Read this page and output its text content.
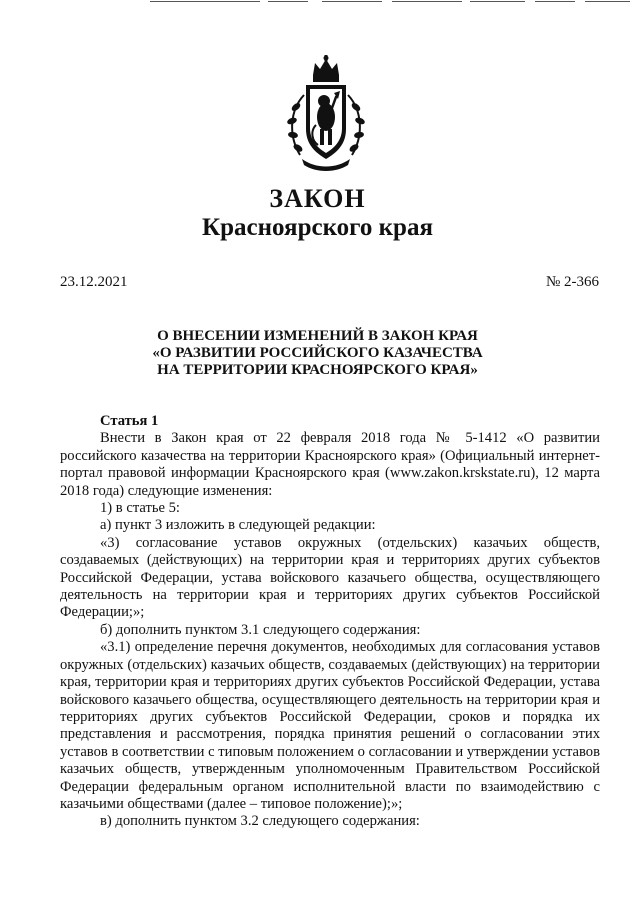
ЗАКОН
Красноярского края
23.12.2021	№ 2-366
О ВНЕСЕНИИ ИЗМЕНЕНИЙ В ЗАКОН КРАЯ
«О РАЗВИТИИ РОССИЙСКОГО КАЗАЧЕСТВА
НА ТЕРРИТОРИИ КРАСНОЯРСКОГО КРАЯ»

Статья 1

Внести в Закон края от 22 февраля 2018 года № 5-1412 «О развитии российского казачества на территории Красноярского края» (Официальный интернет-портал правовой информации Красноярского края (www.zakon.krskstate.ru), 12 марта 2018 года) следующие изменения:

1) в статье 5:

а) пункт 3 изложить в следующей редакции:

«3) согласование уставов окружных (отдельских) казачьих обществ, создаваемых (действующих) на территории края и территориях других субъектов Российской Федерации, устава войскового казачьего общества, осуществляющего деятельность на территории края и территориях других субъектов Российской Федерации;»;

б) дополнить пунктом 3.1 следующего содержания:

«3.1) определение перечня документов, необходимых для согласования уставов окружных (отдельских) казачьих обществ, создаваемых (действующих) на территории края, территории края и территориях других субъектов Российской Федерации, устава войскового казачьего общества, осуществляющего деятельность на территории края и территориях других субъектов Российской Федерации, сроков и порядка их представления и рассмотрения, порядка принятия решений о согласовании этих уставов в соответствии с типовым положением о согласовании и утверждении уставов казачьих обществ, утвержденным уполномоченным Правительством Российской Федерации федеральным органом исполнительной власти по взаимодействию с казачьими обществами (далее – типовое положение);»;

в) дополнить пунктом 3.2 следующего содержания:
